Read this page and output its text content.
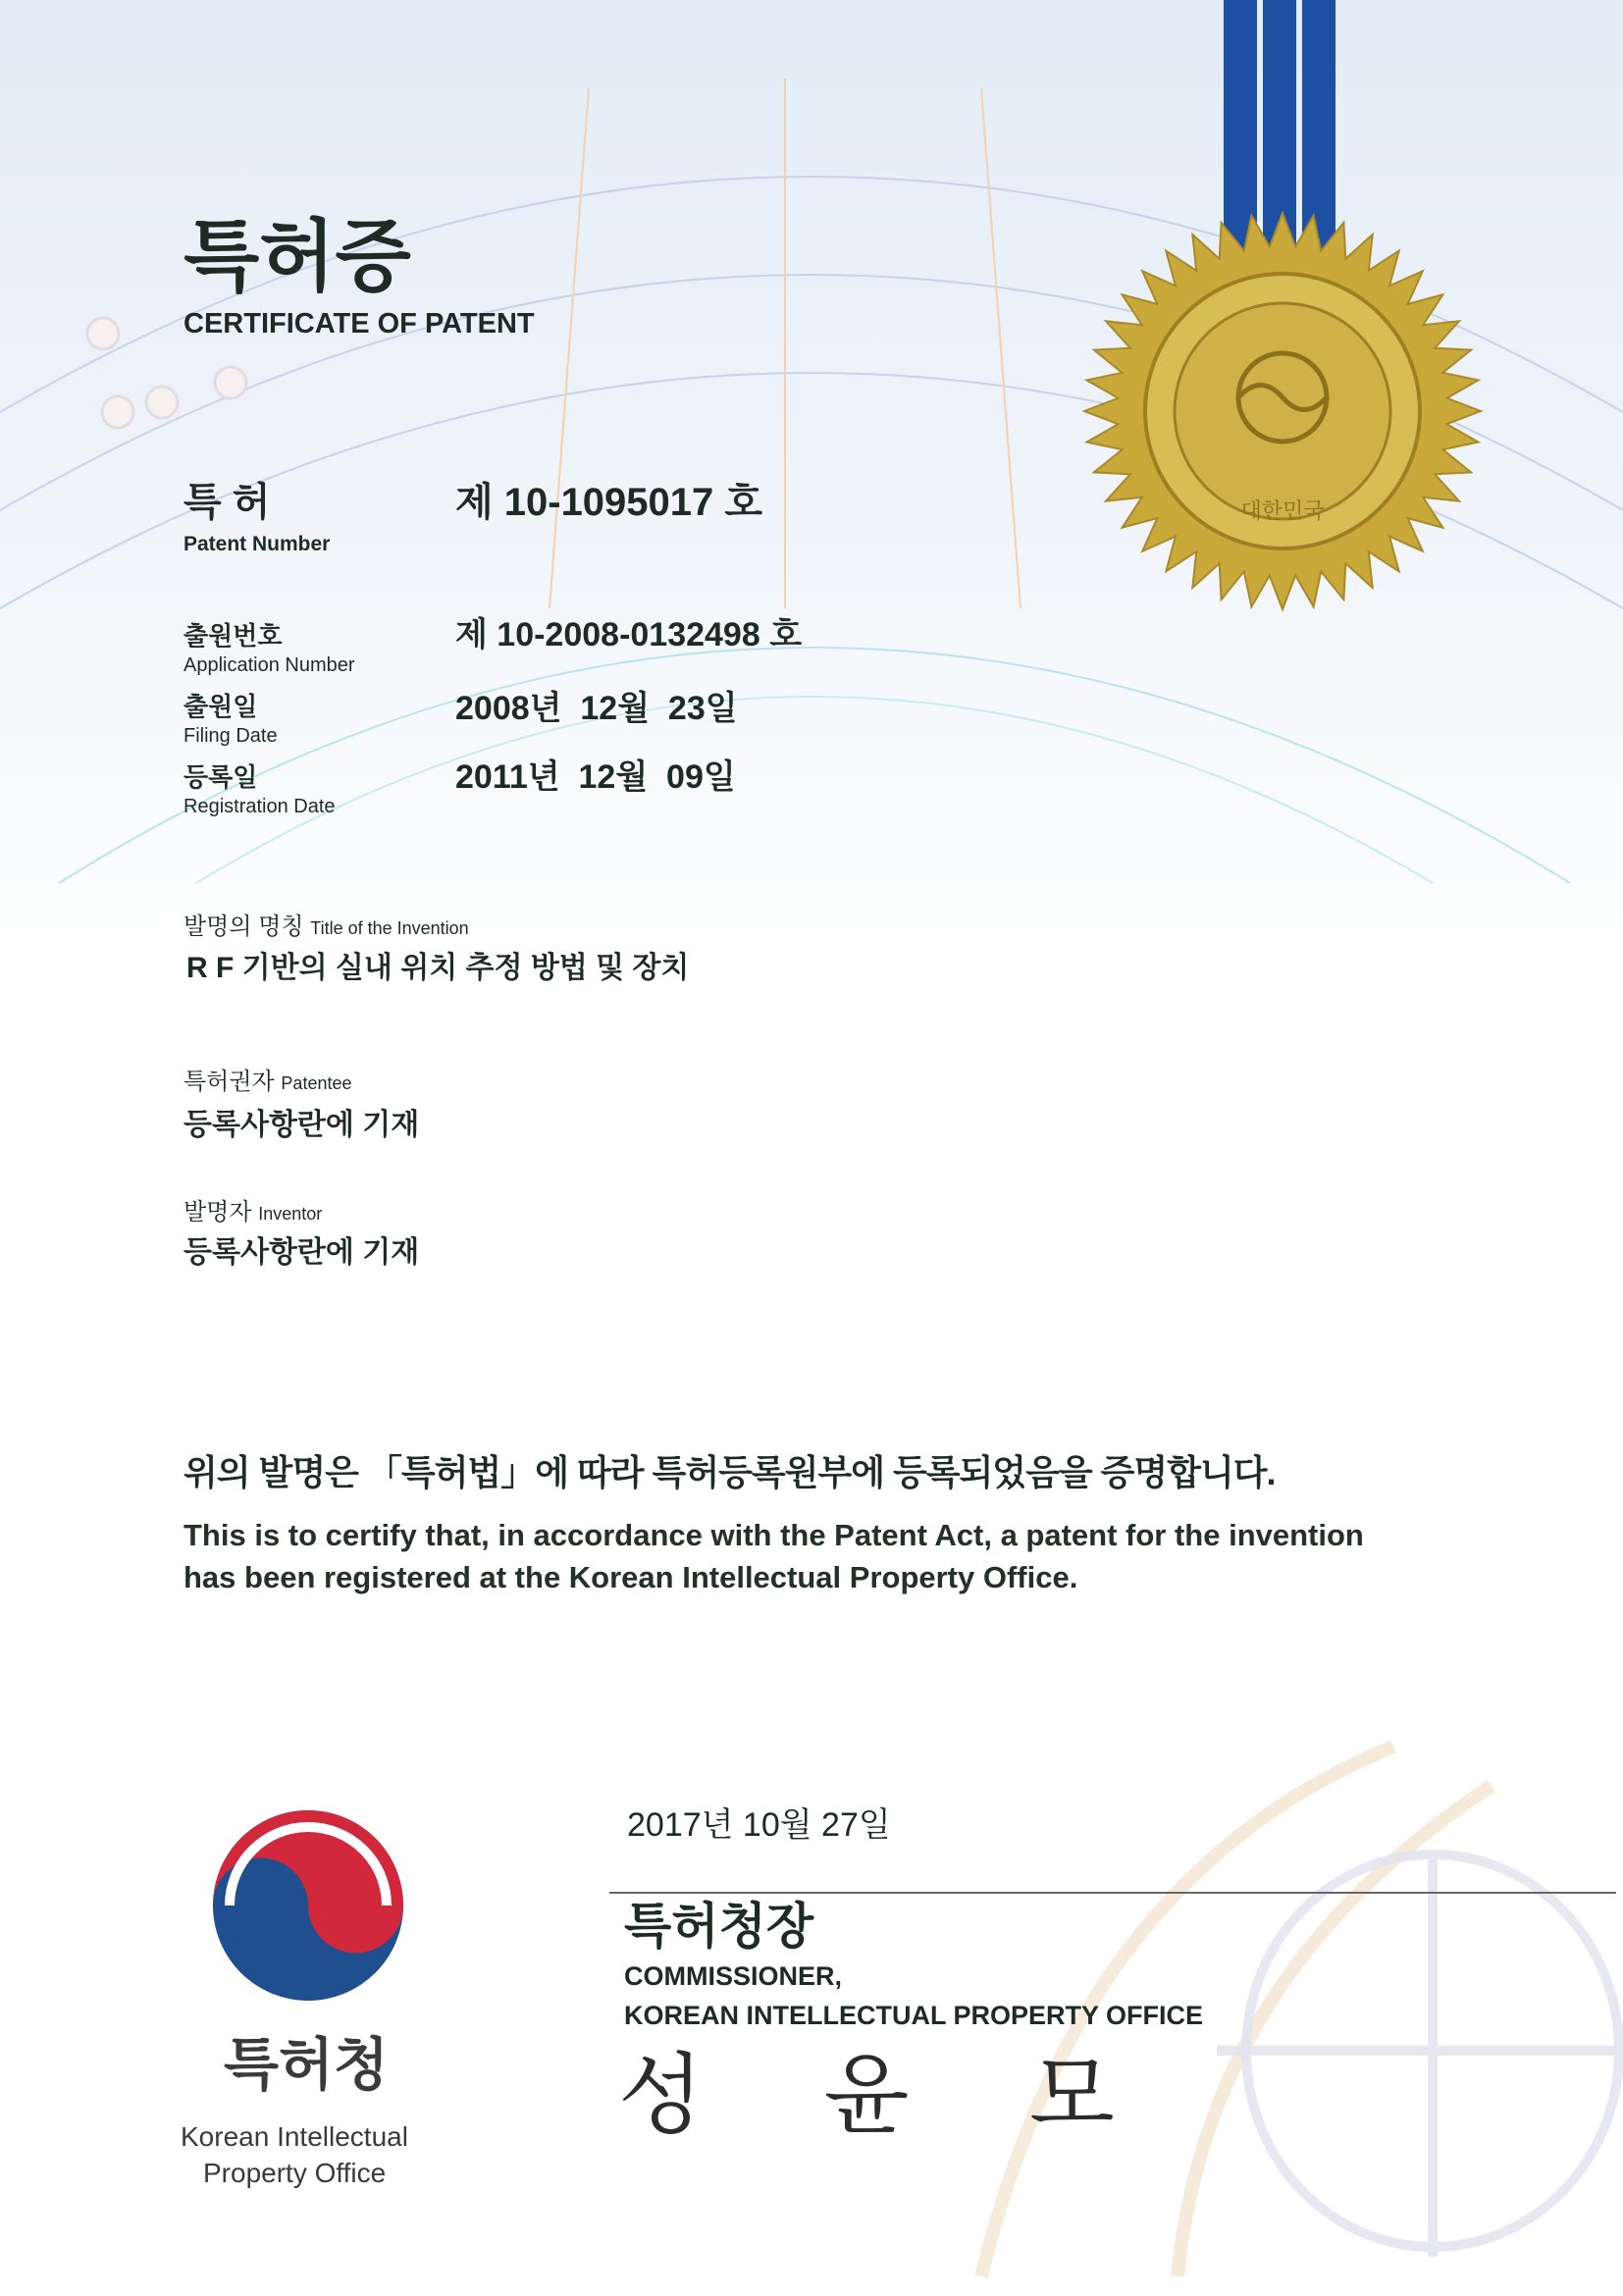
대한민국
특허증
CERTIFICATE OF PATENT
특 허
Patent Number
제 10-1095017 호
출원번호
Application Number
제 10-2008-0132498 호
출원일
Filing Date
2008년  12월  23일
등록일
Registration Date
2011년  12월  09일
발명의 명칭 Title of the Invention
R F 기반의 실내 위치 추정 방법 및 장치
특허권자 Patentee
등록사항란에 기재
발명자 Inventor
등록사항란에 기재
위의 발명은 「특허법」에 따라 특허등록원부에 등록되었음을 증명합니다.
This is to certify that, in accordance with the Patent Act, a patent for the invention
has been registered at the Korean Intellectual Property Office.
2017년 10월 27일
특허청장
COMMISSIONER,
KOREAN INTELLECTUAL PROPERTY OFFICE
성 윤 모
특허청
Korean Intellectual
Property Office
